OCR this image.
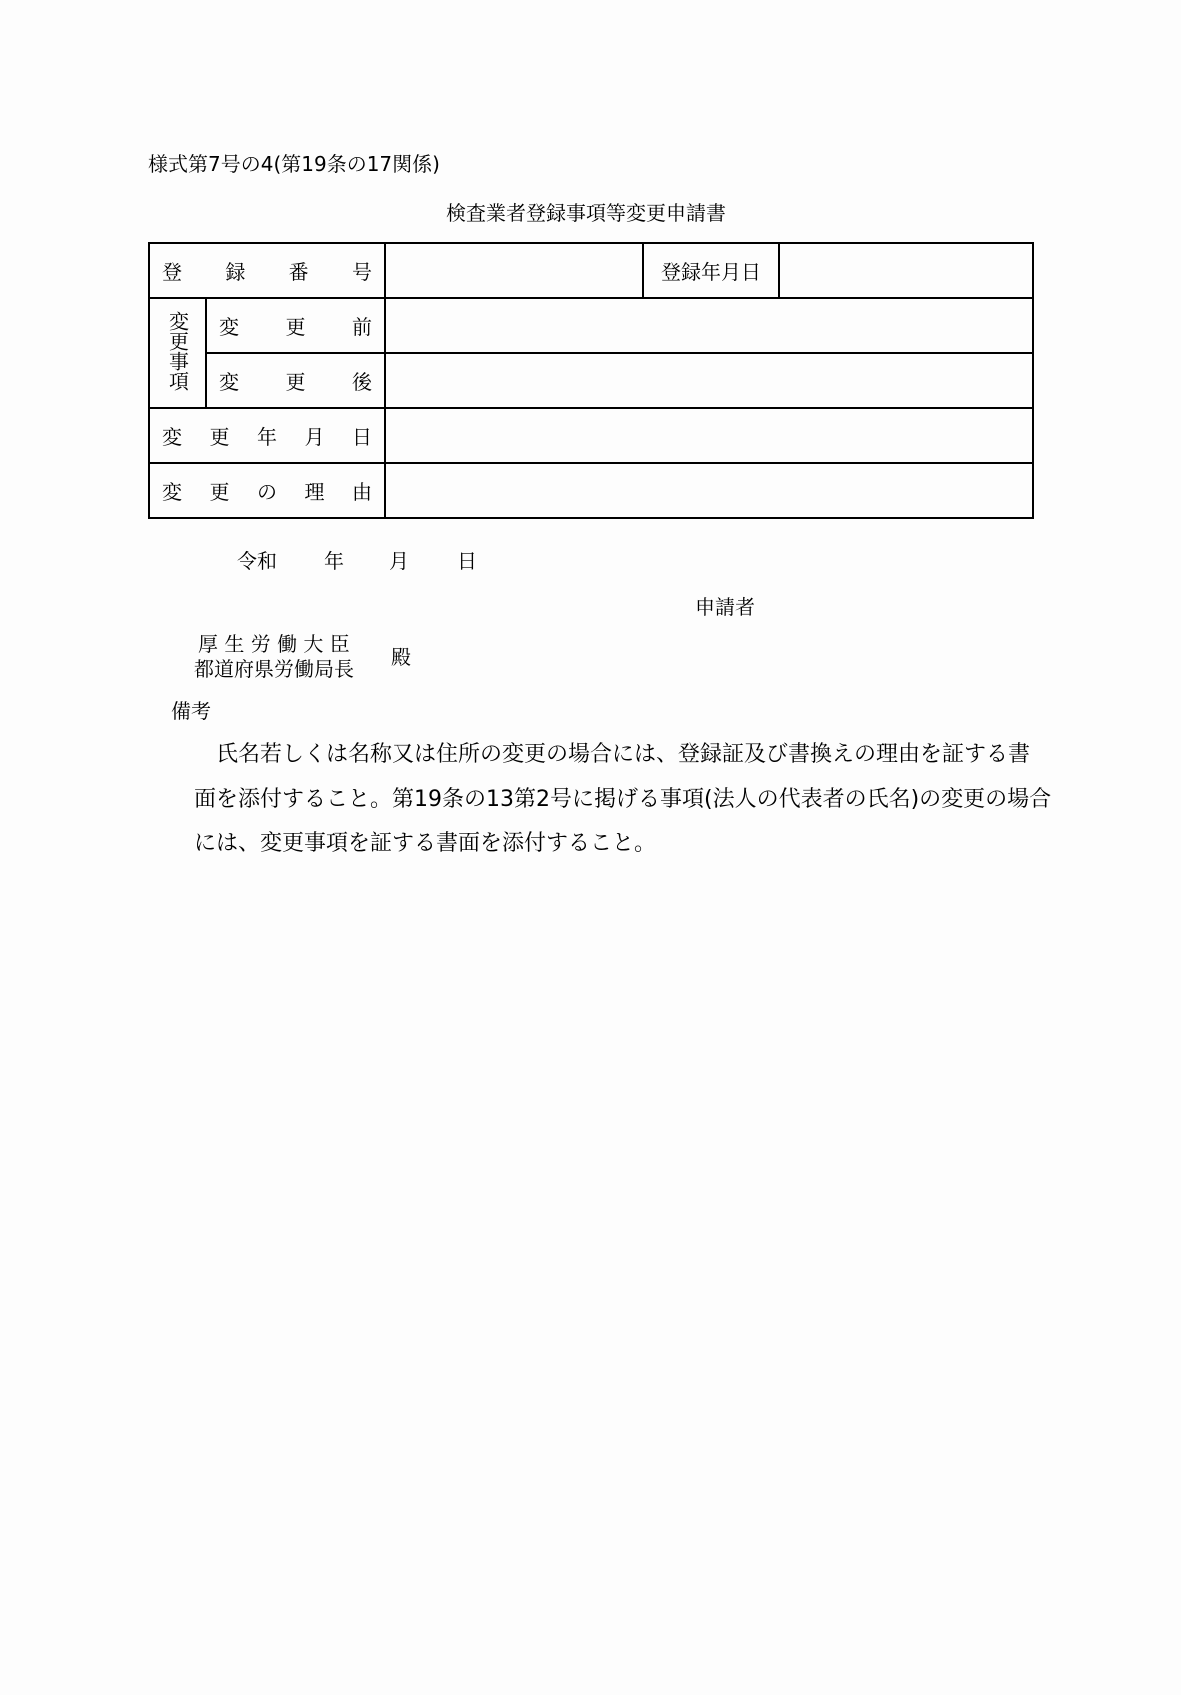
様式第7号の4(第19条の17関係)
検査業者登録事項等変更申請書
登 録 番 号			登録年月日	
変更事項	変 更 前			

	変 更 後			

変 更 年 月 日				

変 更 の 理 由				

令和 年 月 日
申請者
厚 生 労 働 大 臣
都道府県労働局長 殿
備考
　氏名若しくは名称又は住所の変更の場合には、登録証及び書換えの理由を証する書
面を添付すること。第19条の13第2号に掲げる事項(法人の代表者の氏名)の変更の場合
には、変更事項を証する書面を添付すること。
